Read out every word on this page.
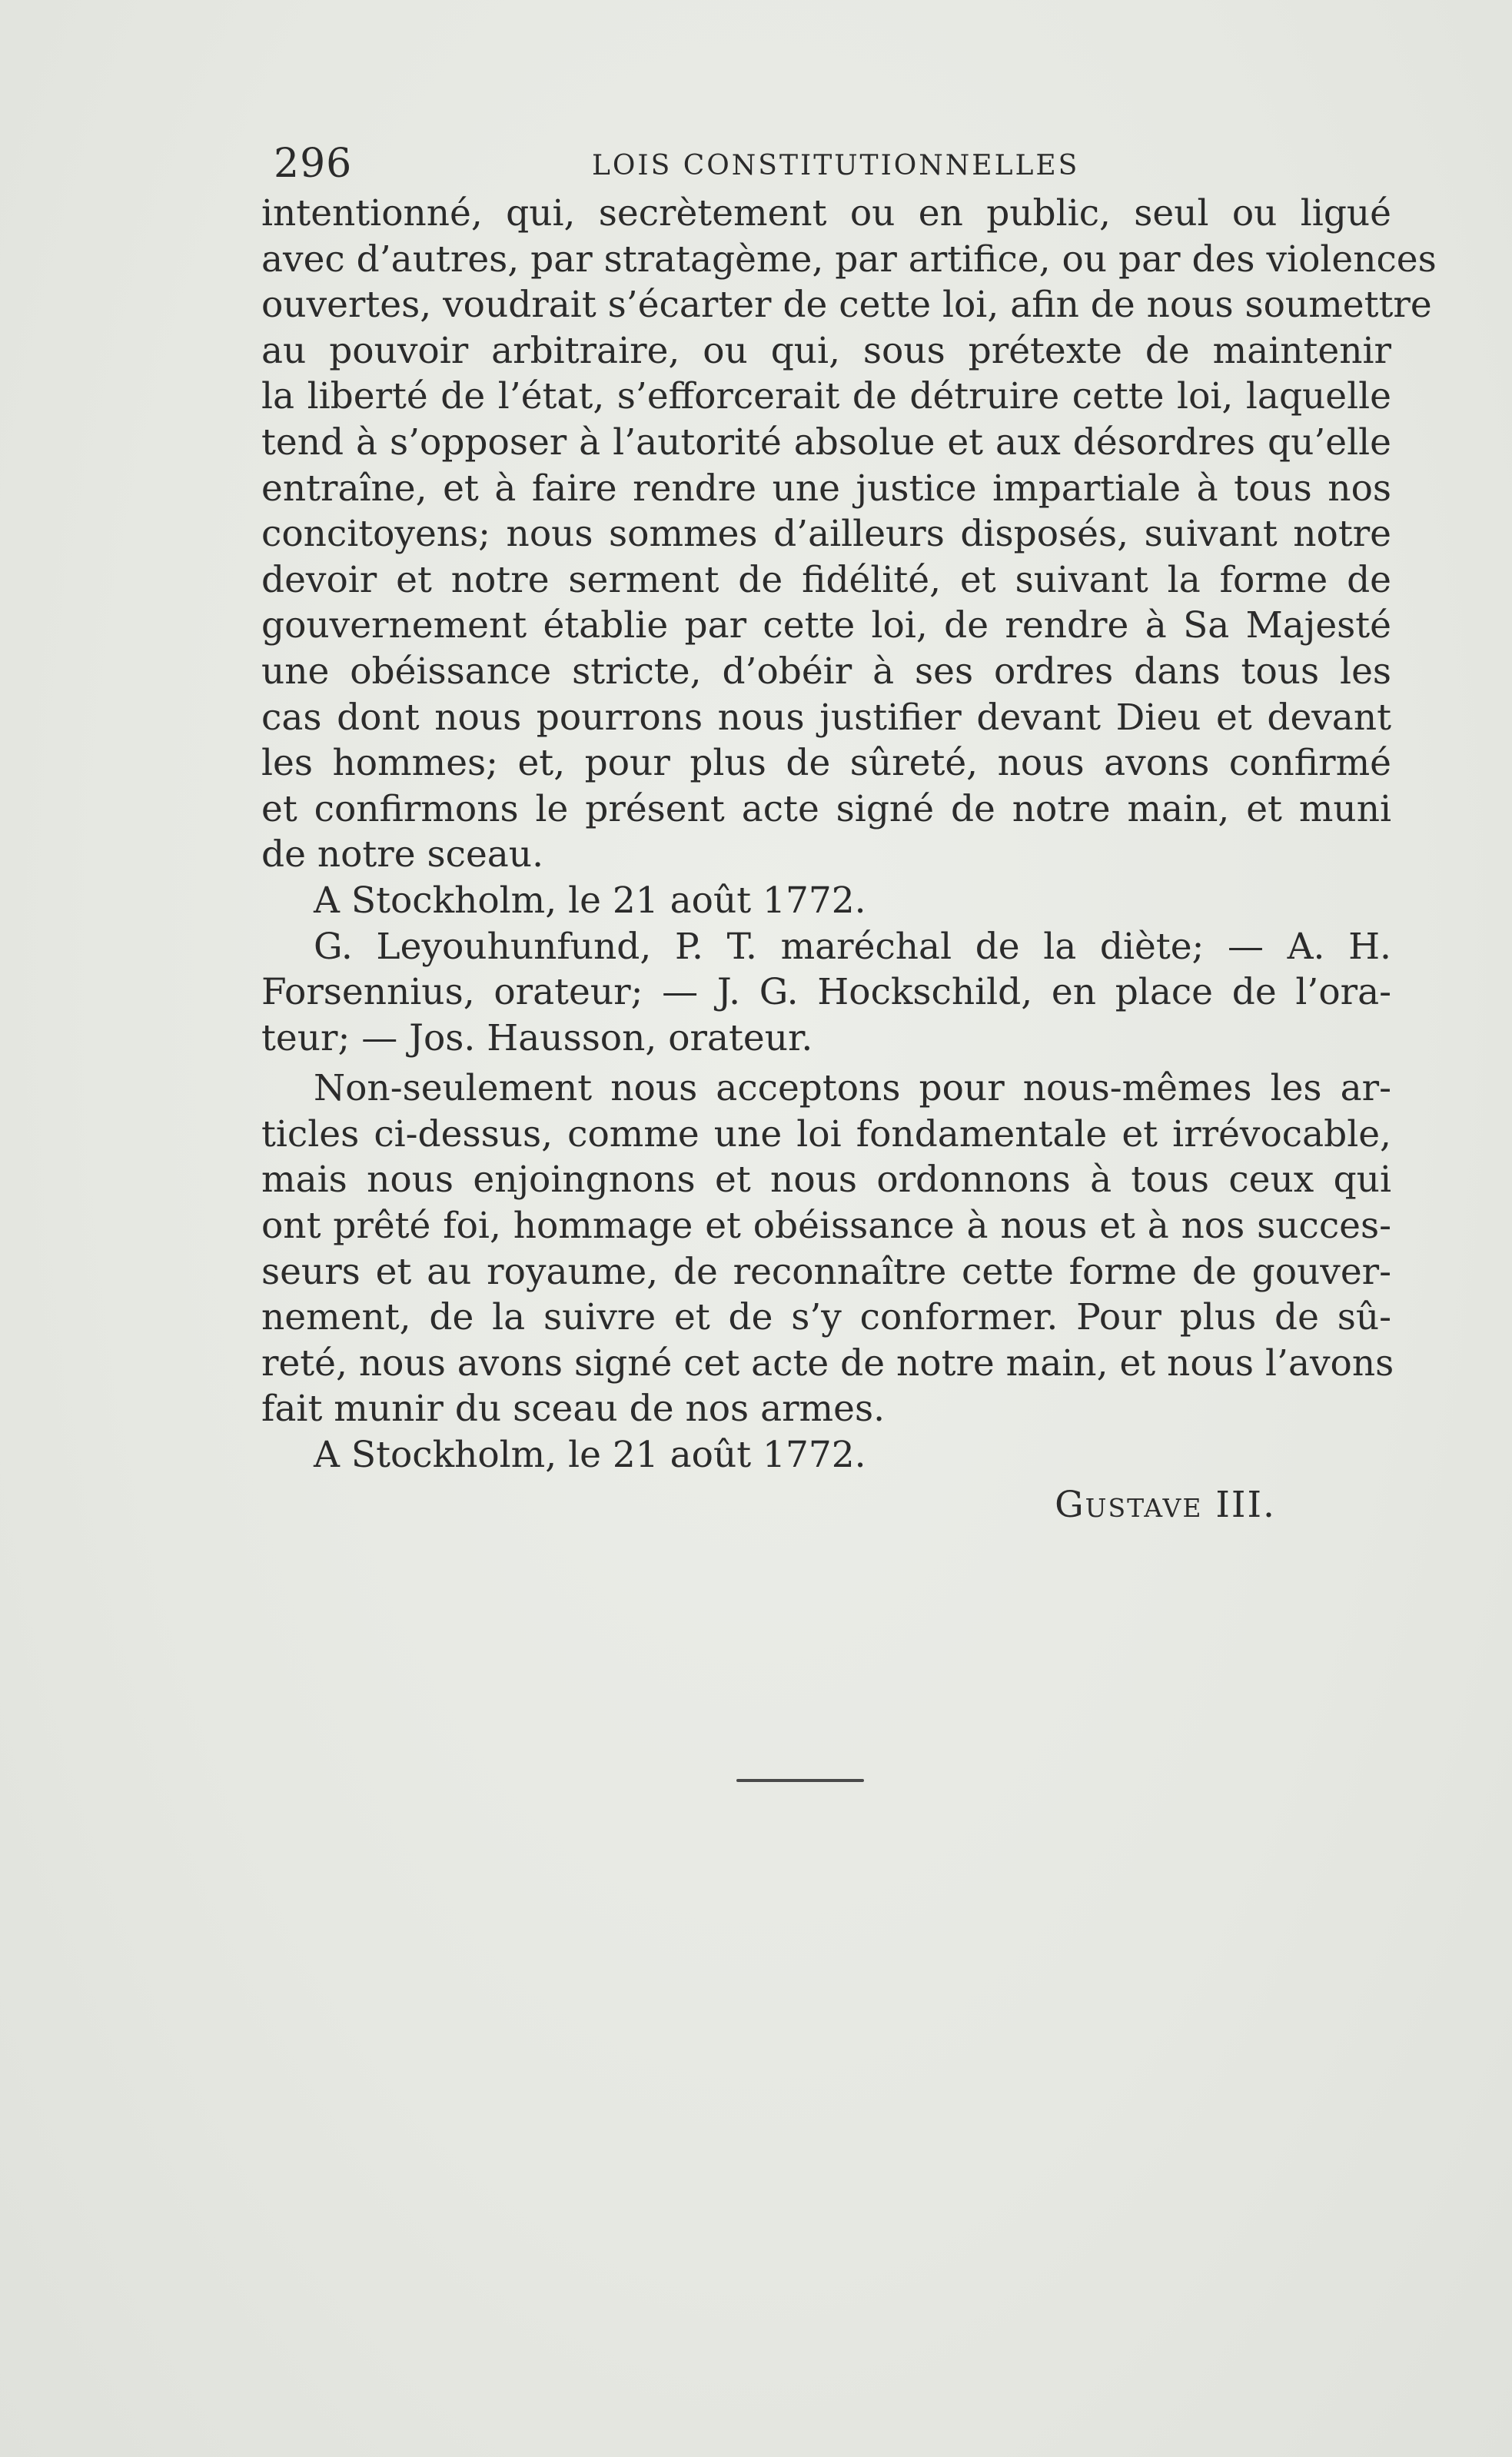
296	LOIS CONSTITUTIONNELLES
intentionné, qui, secrètement ou en public, seul ou ligué
avec d’autres, par stratagème, par artifice, ou par des violences
ouvertes, voudrait s’écarter de cette loi, afin de nous soumettre
au pouvoir arbitraire, ou qui, sous prétexte de maintenir
la liberté de l’état, s’efforcerait de détruire cette loi, laquelle
tend à s’opposer à l’autorité absolue et aux désordres qu’elle
entraîne, et à faire rendre une justice impartiale à tous nos
concitoyens; nous sommes d’ailleurs disposés, suivant notre
devoir et notre serment de fidélité, et suivant la forme de
gouvernement établie par cette loi, de rendre à Sa Majesté
une obéissance stricte, d’obéir à ses ordres dans tous les
cas dont nous pourrons nous justifier devant Dieu et devant
les hommes; et, pour plus de sûreté, nous avons confirmé
et confirmons le présent acte signé de notre main, et muni
de notre sceau.
A Stockholm, le 21 août 1772.
G. Leyouhunfund, P. T. maréchal de la diète; — A. H.
Forsennius, orateur; — J. G. Hockschild, en place de l’ora-
teur; — Jos. Hausson, orateur.
Non-seulement nous acceptons pour nous-mêmes les ar-
ticles ci-dessus, comme une loi fondamentale et irrévocable,
mais nous enjoingnons et nous ordonnons à tous ceux qui
ont prêté foi, hommage et obéissance à nous et à nos succes-
seurs et au royaume, de reconnaître cette forme de gouver-
nement, de la suivre et de s’y conformer. Pour plus de sû-
reté, nous avons signé cet acte de notre main, et nous l’avons
fait munir du sceau de nos armes.
A Stockholm, le 21 août 1772.
Gustave III.
